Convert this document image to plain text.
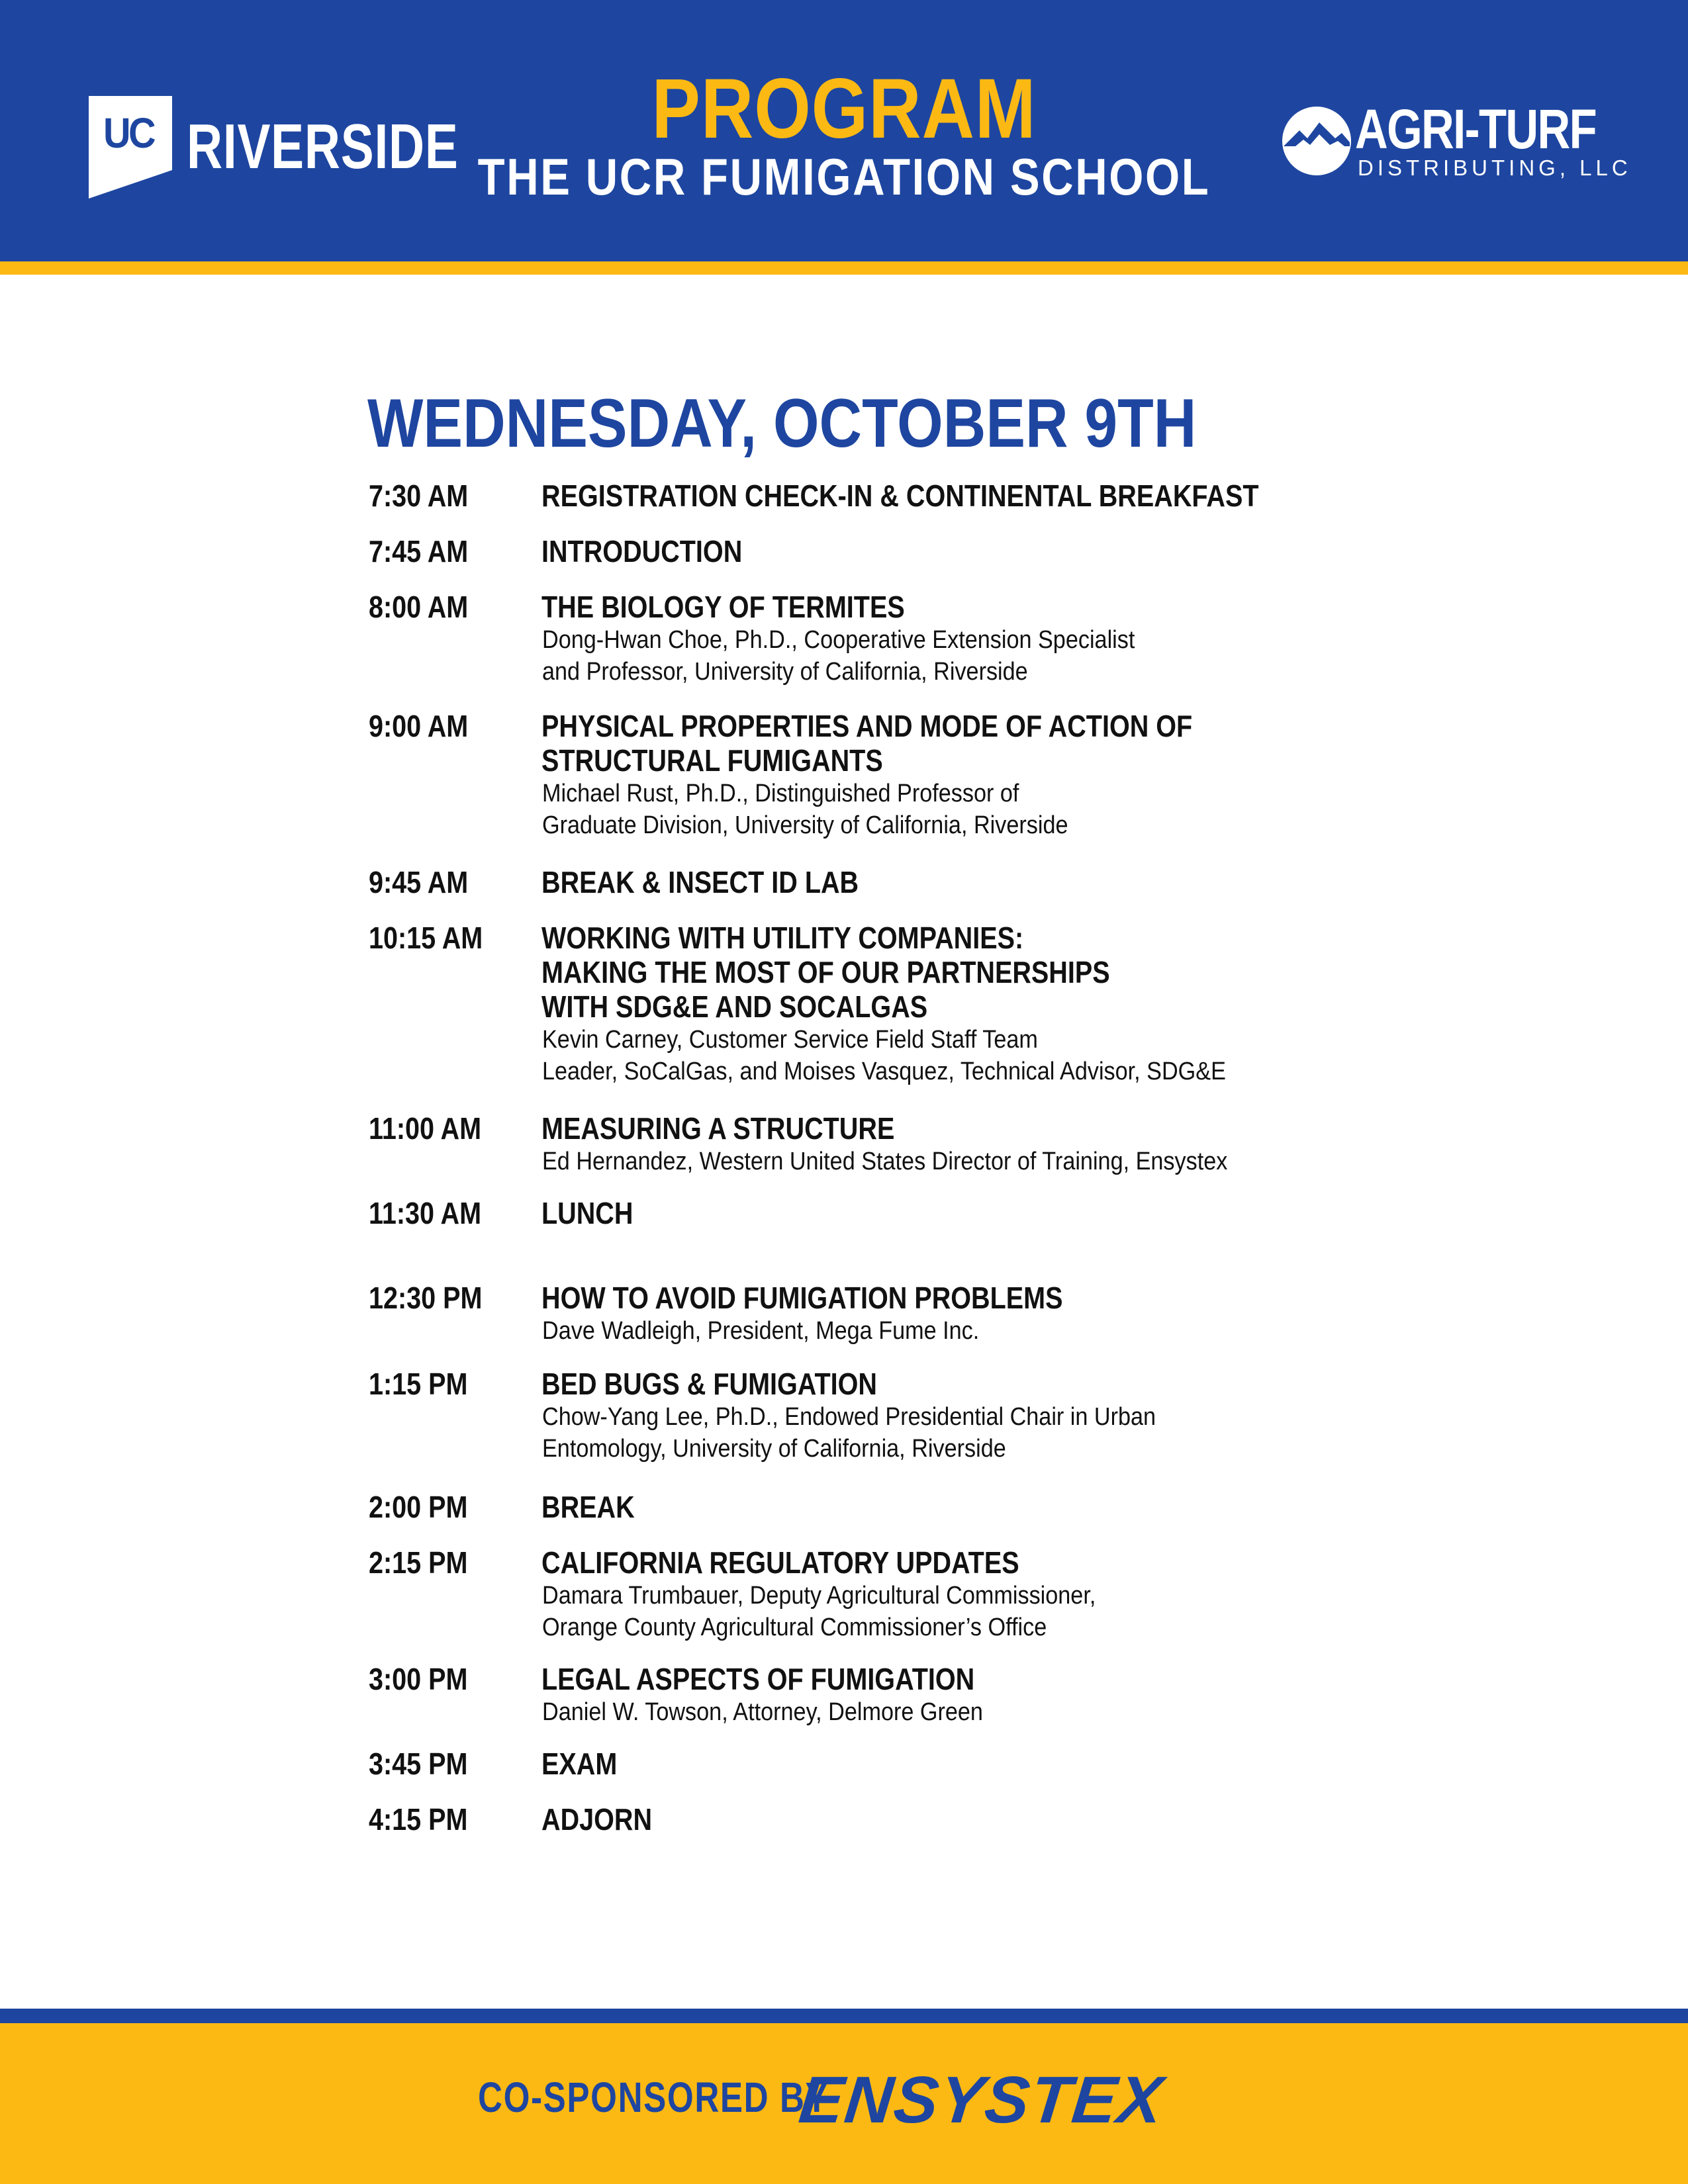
UC RIVERSIDE	PROGRAM
THE UCR FUMIGATION SCHOOL
AGRI-TURF
DISTRIBUTING, LLC
WEDNESDAY, OCTOBER 9TH
7:30 AM REGISTRATION CHECK-IN & CONTINENTAL BREAKFAST
7:45 AM INTRODUCTION
8:00 AM THE BIOLOGY OF TERMITES
Dong-Hwan Choe, Ph.D., Cooperative Extension Specialist
and Professor, University of California, Riverside
9:00 AM PHYSICAL PROPERTIES AND MODE OF ACTION OF
STRUCTURAL FUMIGANTS
Michael Rust, Ph.D., Distinguished Professor of
Graduate Division, University of California, Riverside
9:45 AM BREAK & INSECT ID LAB
10:15 AM WORKING WITH UTILITY COMPANIES:
MAKING THE MOST OF OUR PARTNERSHIPS
WITH SDG&E AND SOCALGAS
Kevin Carney, Customer Service Field Staff Team
Leader, SoCalGas, and Moises Vasquez, Technical Advisor, SDG&E
11:00 AM MEASURING A STRUCTURE
Ed Hernandez, Western United States Director of Training, Ensystex
11:30 AM LUNCH
12:30 PM HOW TO AVOID FUMIGATION PROBLEMS
Dave Wadleigh, President, Mega Fume Inc.
1:15 PM BED BUGS & FUMIGATION
Chow-Yang Lee, Ph.D., Endowed Presidential Chair in Urban
Entomology, University of California, Riverside
2:00 PM BREAK
2:15 PM CALIFORNIA REGULATORY UPDATES
Damara Trumbauer, Deputy Agricultural Commissioner,
Orange County Agricultural Commissioner’s Office
3:00 PM LEGAL ASPECTS OF FUMIGATION
Daniel W. Towson, Attorney, Delmore Green
3:45 PM EXAM
4:15 PM ADJORN
CO-SPONSORED BY
ENSYSTEX
